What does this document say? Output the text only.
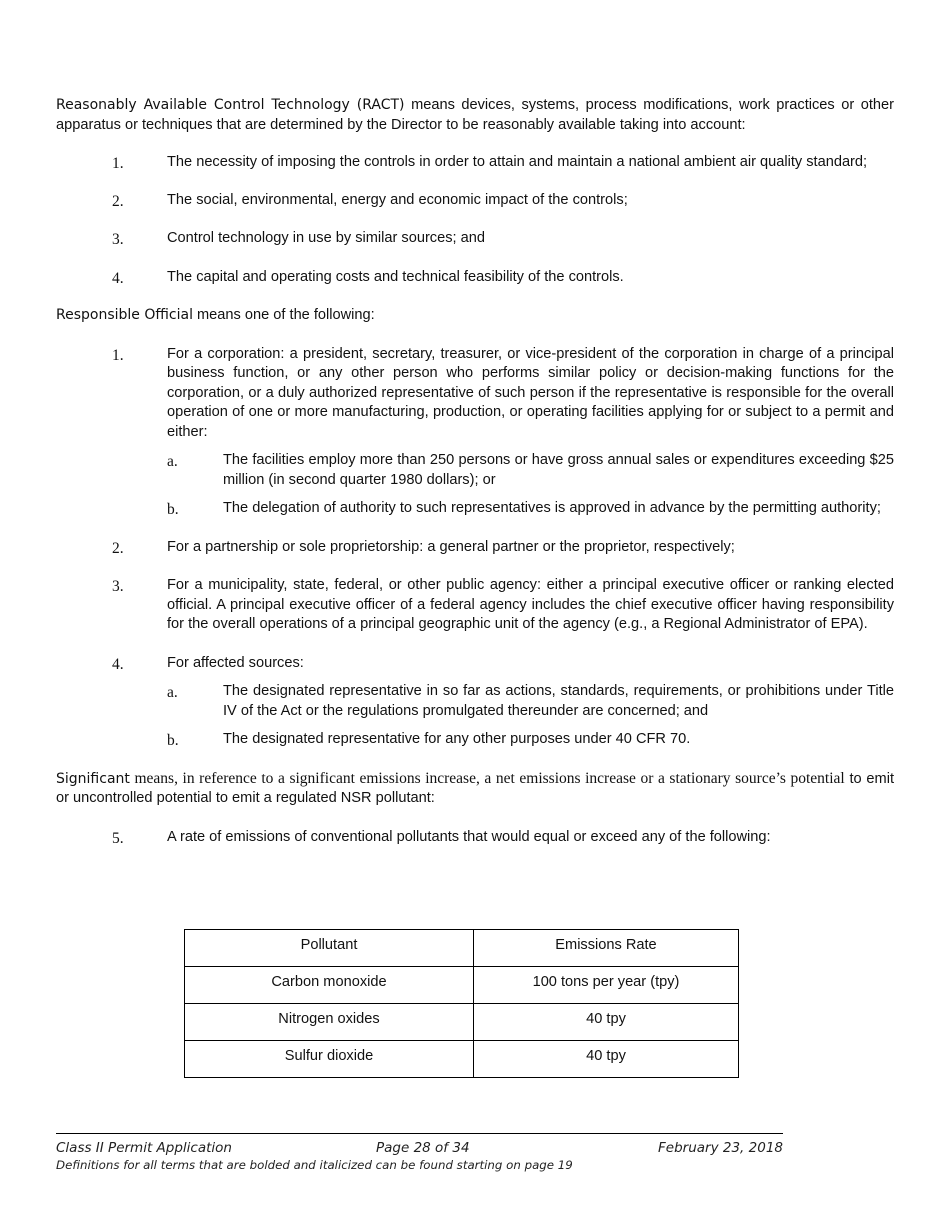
Reasonably Available Control Technology (RACT) means devices, systems, process modifications, work practices or other apparatus or techniques that are determined by the Director to be reasonably available taking into account:

1.	The necessity of imposing the controls in order to attain and maintain a national ambient air quality standard;
2.	The social, environmental, energy and economic impact of the controls;
3.	Control technology in use by similar sources; and
4.	The capital and operating costs and technical feasibility of the controls.

Responsible Official means one of the following:

1.	For a corporation: a president, secretary, treasurer, or vice-president of the corporation in charge of a principal business function, or any other person who performs similar policy or decision-making functions for the corporation, or a duly authorized representative of such person if the representative is responsible for the overall operation of one or more manufacturing, production, or operating facilities applying for or subject to a permit and either:
a.	The facilities employ more than 250 persons or have gross annual sales or expenditures exceeding $25 million (in second quarter 1980 dollars); or
b.	The delegation of authority to such representatives is approved in advance by the permitting authority;
2.	For a partnership or sole proprietorship: a general partner or the proprietor, respectively;
3.	For a municipality, state, federal, or other public agency: either a principal executive officer or ranking elected official. A principal executive officer of a federal agency includes the chief executive officer having responsibility for the overall operations of a principal geographic unit of the agency (e.g., a Regional Administrator of EPA).
4.	For affected sources:
a.	The designated representative in so far as actions, standards, requirements, or prohibitions under Title IV of the Act or the regulations promulgated thereunder are concerned; and
b.	The designated representative for any other purposes under 40 CFR 70.

Significant means, in reference to a significant emissions increase, a net emissions increase or a stationary source’s potential to emit or uncontrolled potential to emit a regulated NSR pollutant:

5.	A rate of emissions of conventional pollutants that would equal or exceed any of the following:
Pollutant	Emissions Rate
Carbon monoxide	100 tons per year (tpy)
Nitrogen oxides	40 tpy
Sulfur dioxide	40 tpy
Class II Permit Application	Page 28 of 34	February 23, 2018
Definitions for all terms that are bolded and italicized can be found starting on page 19
